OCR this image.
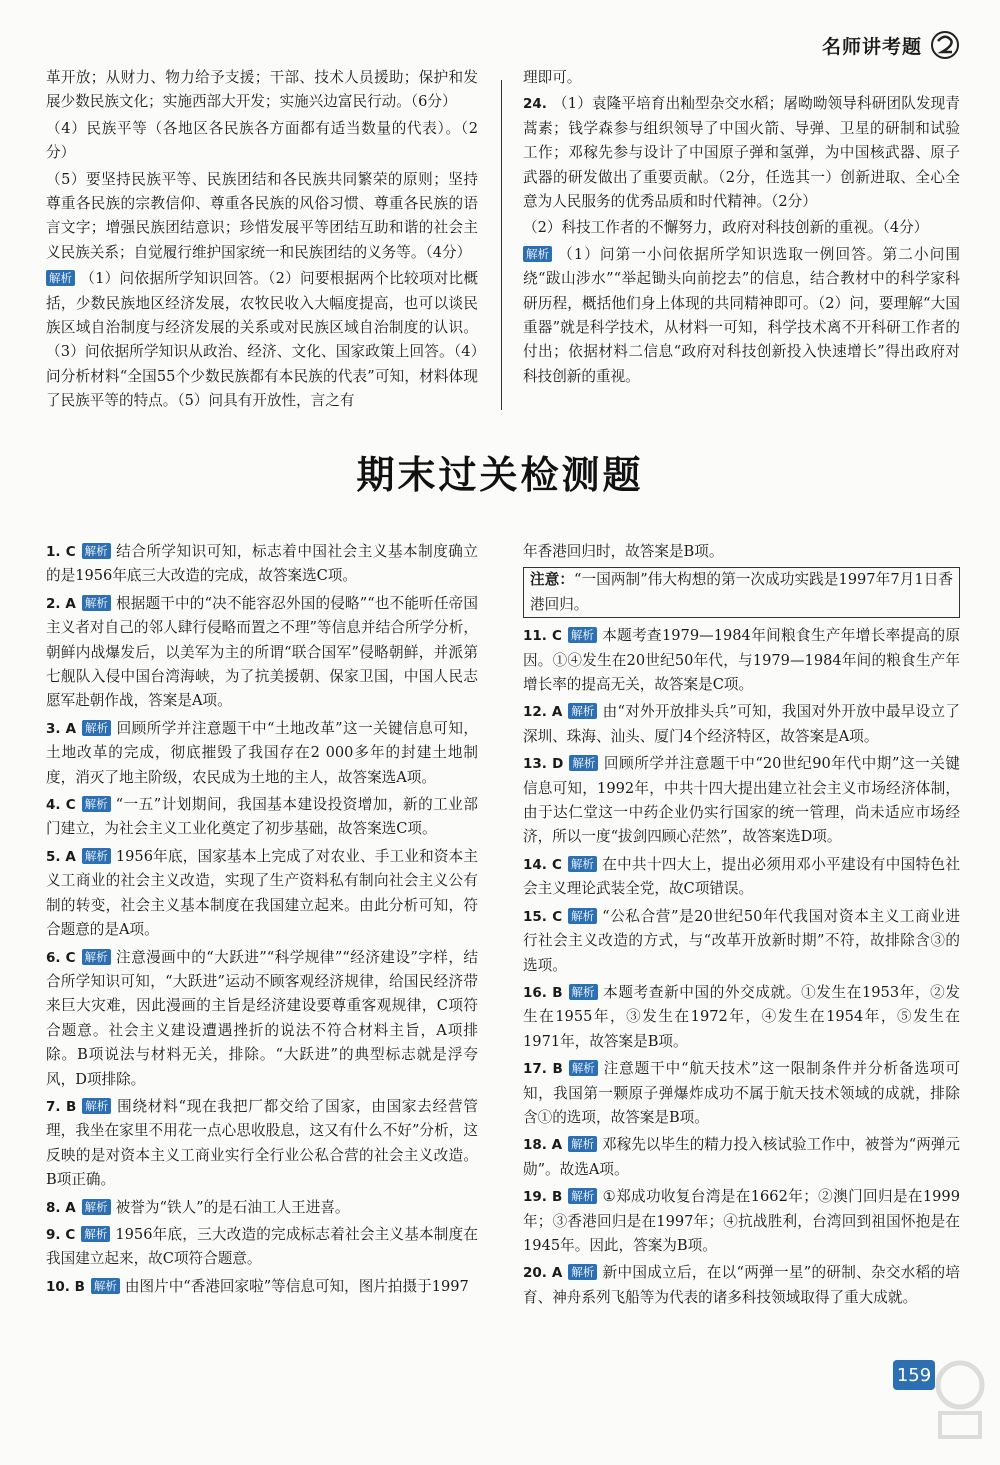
名师讲考题

革开放；从财力、物力给予支援；干部、技术人员援助；保护和发展少数民族文化；实施西部大开发；实施兴边富民行动。（6分）

（4）民族平等（各地区各民族各方面都有适当数量的代表）。（2分）

（5）要坚持民族平等、民族团结和各民族共同繁荣的原则；坚持尊重各民族的宗教信仰、尊重各民族的风俗习惯、尊重各民族的语言文字；增强民族团结意识；珍惜发展平等团结互助和谐的社会主义民族关系；自觉履行维护国家统一和民族团结的义务等。（4分）

解析 （1）问依据所学知识回答。（2）问要根据两个比较项对比概括，少数民族地区经济发展，农牧民收入大幅度提高，也可以谈民族区域自治制度与经济发展的关系或对民族区域自治制度的认识。（3）问依据所学知识从政治、经济、文化、国家政策上回答。（4）问分析材料“全国55个少数民族都有本民族的代表”可知，材料体现了民族平等的特点。（5）问具有开放性，言之有

理即可。

24. （1）袁隆平培育出籼型杂交水稻；屠呦呦领导科研团队发现青蒿素；钱学森参与组织领导了中国火箭、导弹、卫星的研制和试验工作；邓稼先参与设计了中国原子弹和氢弹，为中国核武器、原子武器的研发做出了重要贡献。（2分，任选其一）创新进取、全心全意为人民服务的优秀品质和时代精神。（2分）

（2）科技工作者的不懈努力，政府对科技创新的重视。（4分）

解析 （1）问第一小问依据所学知识选取一例回答。第二小问围绕“跋山涉水”“举起锄头向前挖去”的信息，结合教材中的科学家科研历程，概括他们身上体现的共同精神即可。（2）问，要理解“大国重器”就是科学技术，从材料一可知，科学技术离不开科研工作者的付出；依据材料二信息“政府对科技创新投入快速增长”得出政府对科技创新的重视。

期末过关检测题

1. C 解析 结合所学知识可知，标志着中国社会主义基本制度确立的是1956年底三大改造的完成，故答案选C项。

2. A 解析 根据题干中的“决不能容忍外国的侵略”“也不能听任帝国主义者对自己的邻人肆行侵略而置之不理”等信息并结合所学分析，朝鲜内战爆发后，以美军为主的所谓“联合国军”侵略朝鲜，并派第七舰队入侵中国台湾海峡，为了抗美援朝、保家卫国，中国人民志愿军赴朝作战，答案是A项。

3. A 解析 回顾所学并注意题干中“土地改革”这一关键信息可知，土地改革的完成，彻底摧毁了我国存在2 000多年的封建土地制度，消灭了地主阶级，农民成为土地的主人，故答案选A项。

4. C 解析 “一五”计划期间，我国基本建设投资增加，新的工业部门建立，为社会主义工业化奠定了初步基础，故答案选C项。

5. A 解析 1956年底，国家基本上完成了对农业、手工业和资本主义工商业的社会主义改造，实现了生产资料私有制向社会主义公有制的转变，社会主义基本制度在我国建立起来。由此分析可知，符合题意的是A项。

6. C 解析 注意漫画中的“大跃进”“科学规律”“经济建设”字样，结合所学知识可知，“大跃进”运动不顾客观经济规律，给国民经济带来巨大灾难，因此漫画的主旨是经济建设要尊重客观规律，C项符合题意。社会主义建设遭遇挫折的说法不符合材料主旨，A项排除。B项说法与材料无关，排除。“大跃进”的典型标志就是浮夸风，D项排除。

7. B 解析 围绕材料“现在我把厂都交给了国家，由国家去经营管理，我坐在家里不用花一点心思收股息，这又有什么不好”分析，这反映的是对资本主义工商业实行全行业公私合营的社会主义改造。B项正确。

8. A 解析 被誉为“铁人”的是石油工人王进喜。

9. C 解析 1956年底，三大改造的完成标志着社会主义基本制度在我国建立起来，故C项符合题意。

10. B 解析 由图片中“香港回家啦”等信息可知，图片拍摄于1997

年香港回归时，故答案是B项。

注意：“一国两制”伟大构想的第一次成功实践是1997年7月1日香港回归。

11. C 解析 本题考查1979—1984年间粮食生产年增长率提高的原因。①④发生在20世纪50年代，与1979—1984年间的粮食生产年增长率的提高无关，故答案是C项。

12. A 解析 由“对外开放排头兵”可知，我国对外开放中最早设立了深圳、珠海、汕头、厦门4个经济特区，故答案是A项。

13. D 解析 回顾所学并注意题干中“20世纪90年代中期”这一关键信息可知，1992年，中共十四大提出建立社会主义市场经济体制，由于达仁堂这一中药企业仍实行国家的统一管理，尚未适应市场经济，所以一度“拔剑四顾心茫然”，故答案选D项。

14. C 解析 在中共十四大上，提出必须用邓小平建设有中国特色社会主义理论武装全党，故C项错误。

15. C 解析 “公私合营”是20世纪50年代我国对资本主义工商业进行社会主义改造的方式，与“改革开放新时期”不符，故排除含③的选项。

16. B 解析 本题考查新中国的外交成就。①发生在1953年，②发生在1955年，③发生在1972年，④发生在1954年，⑤发生在1971年，故答案是B项。

17. B 解析 注意题干中“航天技术”这一限制条件并分析备选项可知，我国第一颗原子弹爆炸成功不属于航天技术领域的成就，排除含①的选项，故答案是B项。

18. A 解析 邓稼先以毕生的精力投入核试验工作中，被誉为“两弹元勋”。故选A项。

19. B 解析 ①郑成功收复台湾是在1662年；②澳门回归是在1999年；③香港回归是在1997年；④抗战胜利，台湾回到祖国怀抱是在1945年。因此，答案为B项。

20. A 解析 新中国成立后，在以“两弹一星”的研制、杂交水稻的培育、神舟系列飞船等为代表的诸多科技领域取得了重大成就。

159
